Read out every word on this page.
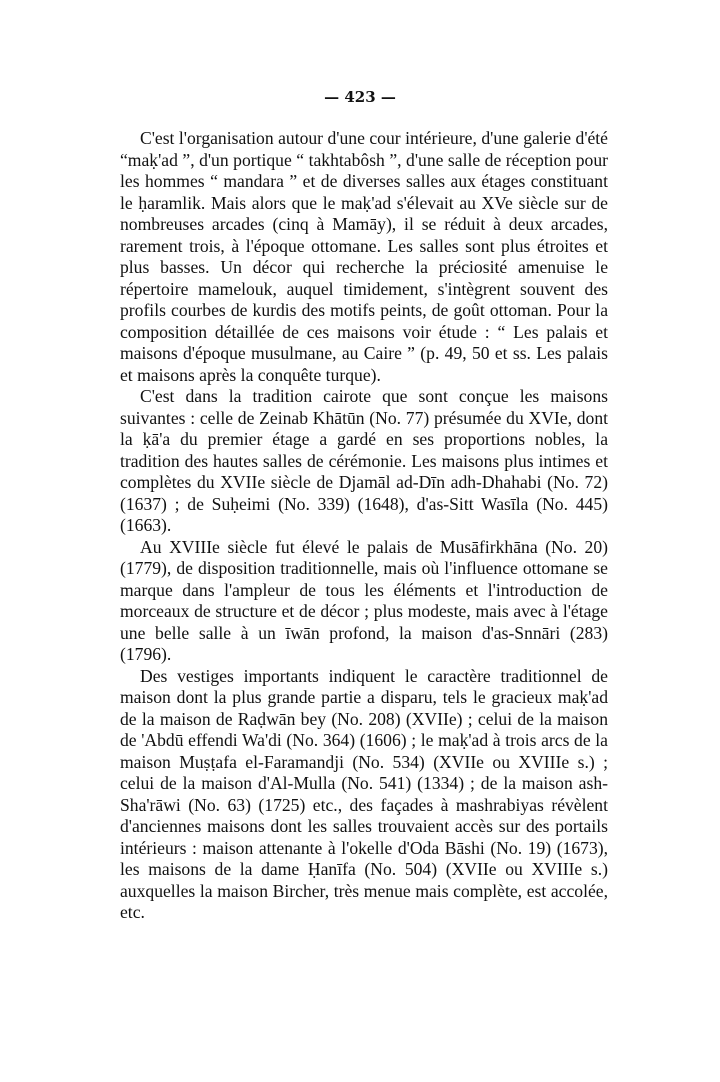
— 423 —

C'est l'organisation autour d'une cour intérieure, d'une galerie d'été “maḳ'ad ”, d'un portique “ takhtabôsh ”, d'une salle de réception pour les hommes “ mandara ” et de diverses salles aux étages constituant le ḥaramlik. Mais alors que le maḳ'ad s'élevait au XVe siècle sur de nombreuses arcades (cinq à Mamāy), il se réduit à deux arcades, rarement trois, à l'époque ottomane. Les salles sont plus étroites et plus basses. Un décor qui recherche la préciosité amenuise le répertoire mamelouk, auquel timidement, s'intègrent souvent des profils courbes de kurdis des motifs peints, de goût ottoman. Pour la composition détaillée de ces maisons voir étude : “ Les palais et maisons d'époque musulmane, au Caire ” (p. 49, 50 et ss. Les palais et maisons après la conquête turque).

C'est dans la tradition cairote que sont conçue les maisons suivantes : celle de Zeinab Khātūn (No. 77) présumée du XVIe, dont la ḳā'a du premier étage a gardé en ses proportions nobles, la tradition des hautes salles de cérémonie. Les maisons plus intimes et complètes du XVIIe siècle de Djamāl ad-Dīn adh-Dhahabi (No. 72) (1637) ; de Suḥeimi (No. 339) (1648), d'as-Sitt Wasīla (No. 445) (1663).

Au XVIIIe siècle fut élevé le palais de Musāfirkhāna (No. 20) (1779), de disposition traditionnelle, mais où l'influence ottomane se marque dans l'ampleur de tous les éléments et l'introduction de morceaux de structure et de décor ; plus modeste, mais avec à l'étage une belle salle à un īwān profond, la maison d'as-Snnāri (283) (1796).

Des vestiges importants indiquent le caractère traditionnel de maison dont la plus grande partie a disparu, tels le gracieux maḳ'ad de la maison de Raḍwān bey (No. 208) (XVIIe) ; celui de la maison de 'Abdū effendi Wa'di (No. 364) (1606) ; le maḳ'ad à trois arcs de la maison Muṣṭafa el-Faramandji (No. 534) (XVIIe ou XVIIIe s.) ; celui de la maison d'Al-Mulla (No. 541) (1334) ; de la maison ash-Sha'rāwi (No. 63) (1725) etc., des façades à mashrabiyas révèlent d'anciennes maisons dont les salles trouvaient accès sur des portails intérieurs : maison attenante à l'okelle d'Oda Bāshi (No. 19) (1673), les maisons de la dame Ḥanīfa (No. 504) (XVIIe ou XVIIIe s.) auxquelles la maison Bircher, très menue mais complète, est accolée, etc.
